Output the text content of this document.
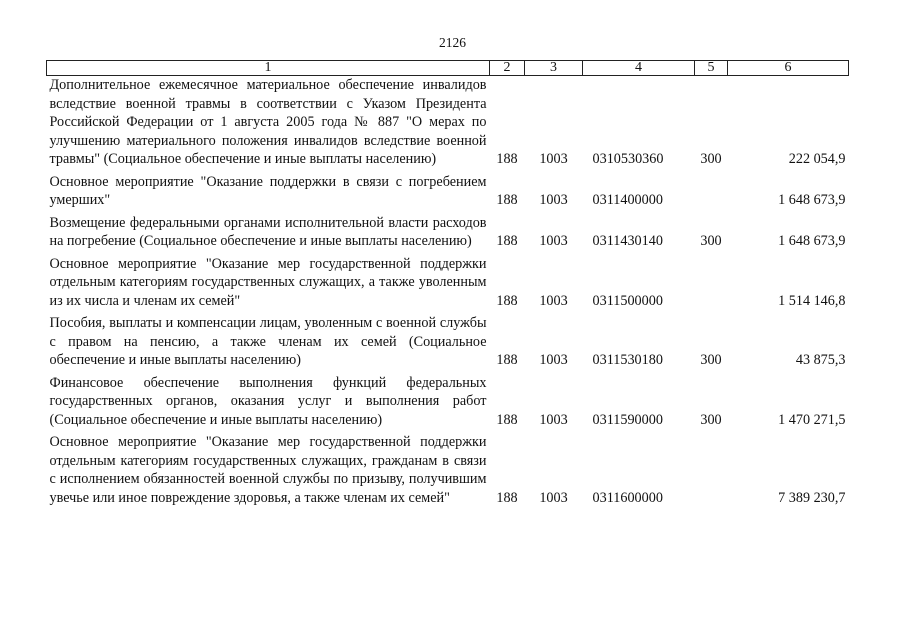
2126
1	2	3	4	5	6
Дополнительное ежемесячное материальное обеспечение инвалидов вследствие военной травмы в соответствии с Указом Президента Российской Федерации от 1 августа 2005 года № 887 "О мерах по улучшению материального положения инвалидов вследствие военной травмы" (Социальное обеспечение и иные выплаты населению)	188	1003	0310530360	300	222 054,9

Основное мероприятие "Оказание поддержки в связи с погребением умерших"	188	1003	0311400000		1 648 673,9

Возмещение федеральными органами исполнительной власти расходов на погребение (Социальное обеспечение и иные выплаты населению)	188	1003	0311430140	300	1 648 673,9

Основное мероприятие "Оказание мер государственной поддержки отдельным категориям государственных служащих, а также уволенным из их числа и членам их семей"	188	1003	0311500000		1 514 146,8

Пособия, выплаты и компенсации лицам, уволенным с военной службы с правом на пенсию, а также членам их семей (Социальное обеспечение и иные выплаты населению)	188	1003	0311530180	300	43 875,3

Финансовое обеспечение выполнения функций федеральных государственных органов, оказания услуг и выполнения работ (Социальное обеспечение и иные выплаты населению)	188	1003	0311590000	300	1 470 271,5

Основное мероприятие "Оказание мер государственной поддержки отдельным категориям государственных служащих, гражданам в связи с исполнением обязанностей военной службы по призыву, получившим увечье или иное повреждение здоровья, а также членам их семей"	188	1003	0311600000		7 389 230,7
